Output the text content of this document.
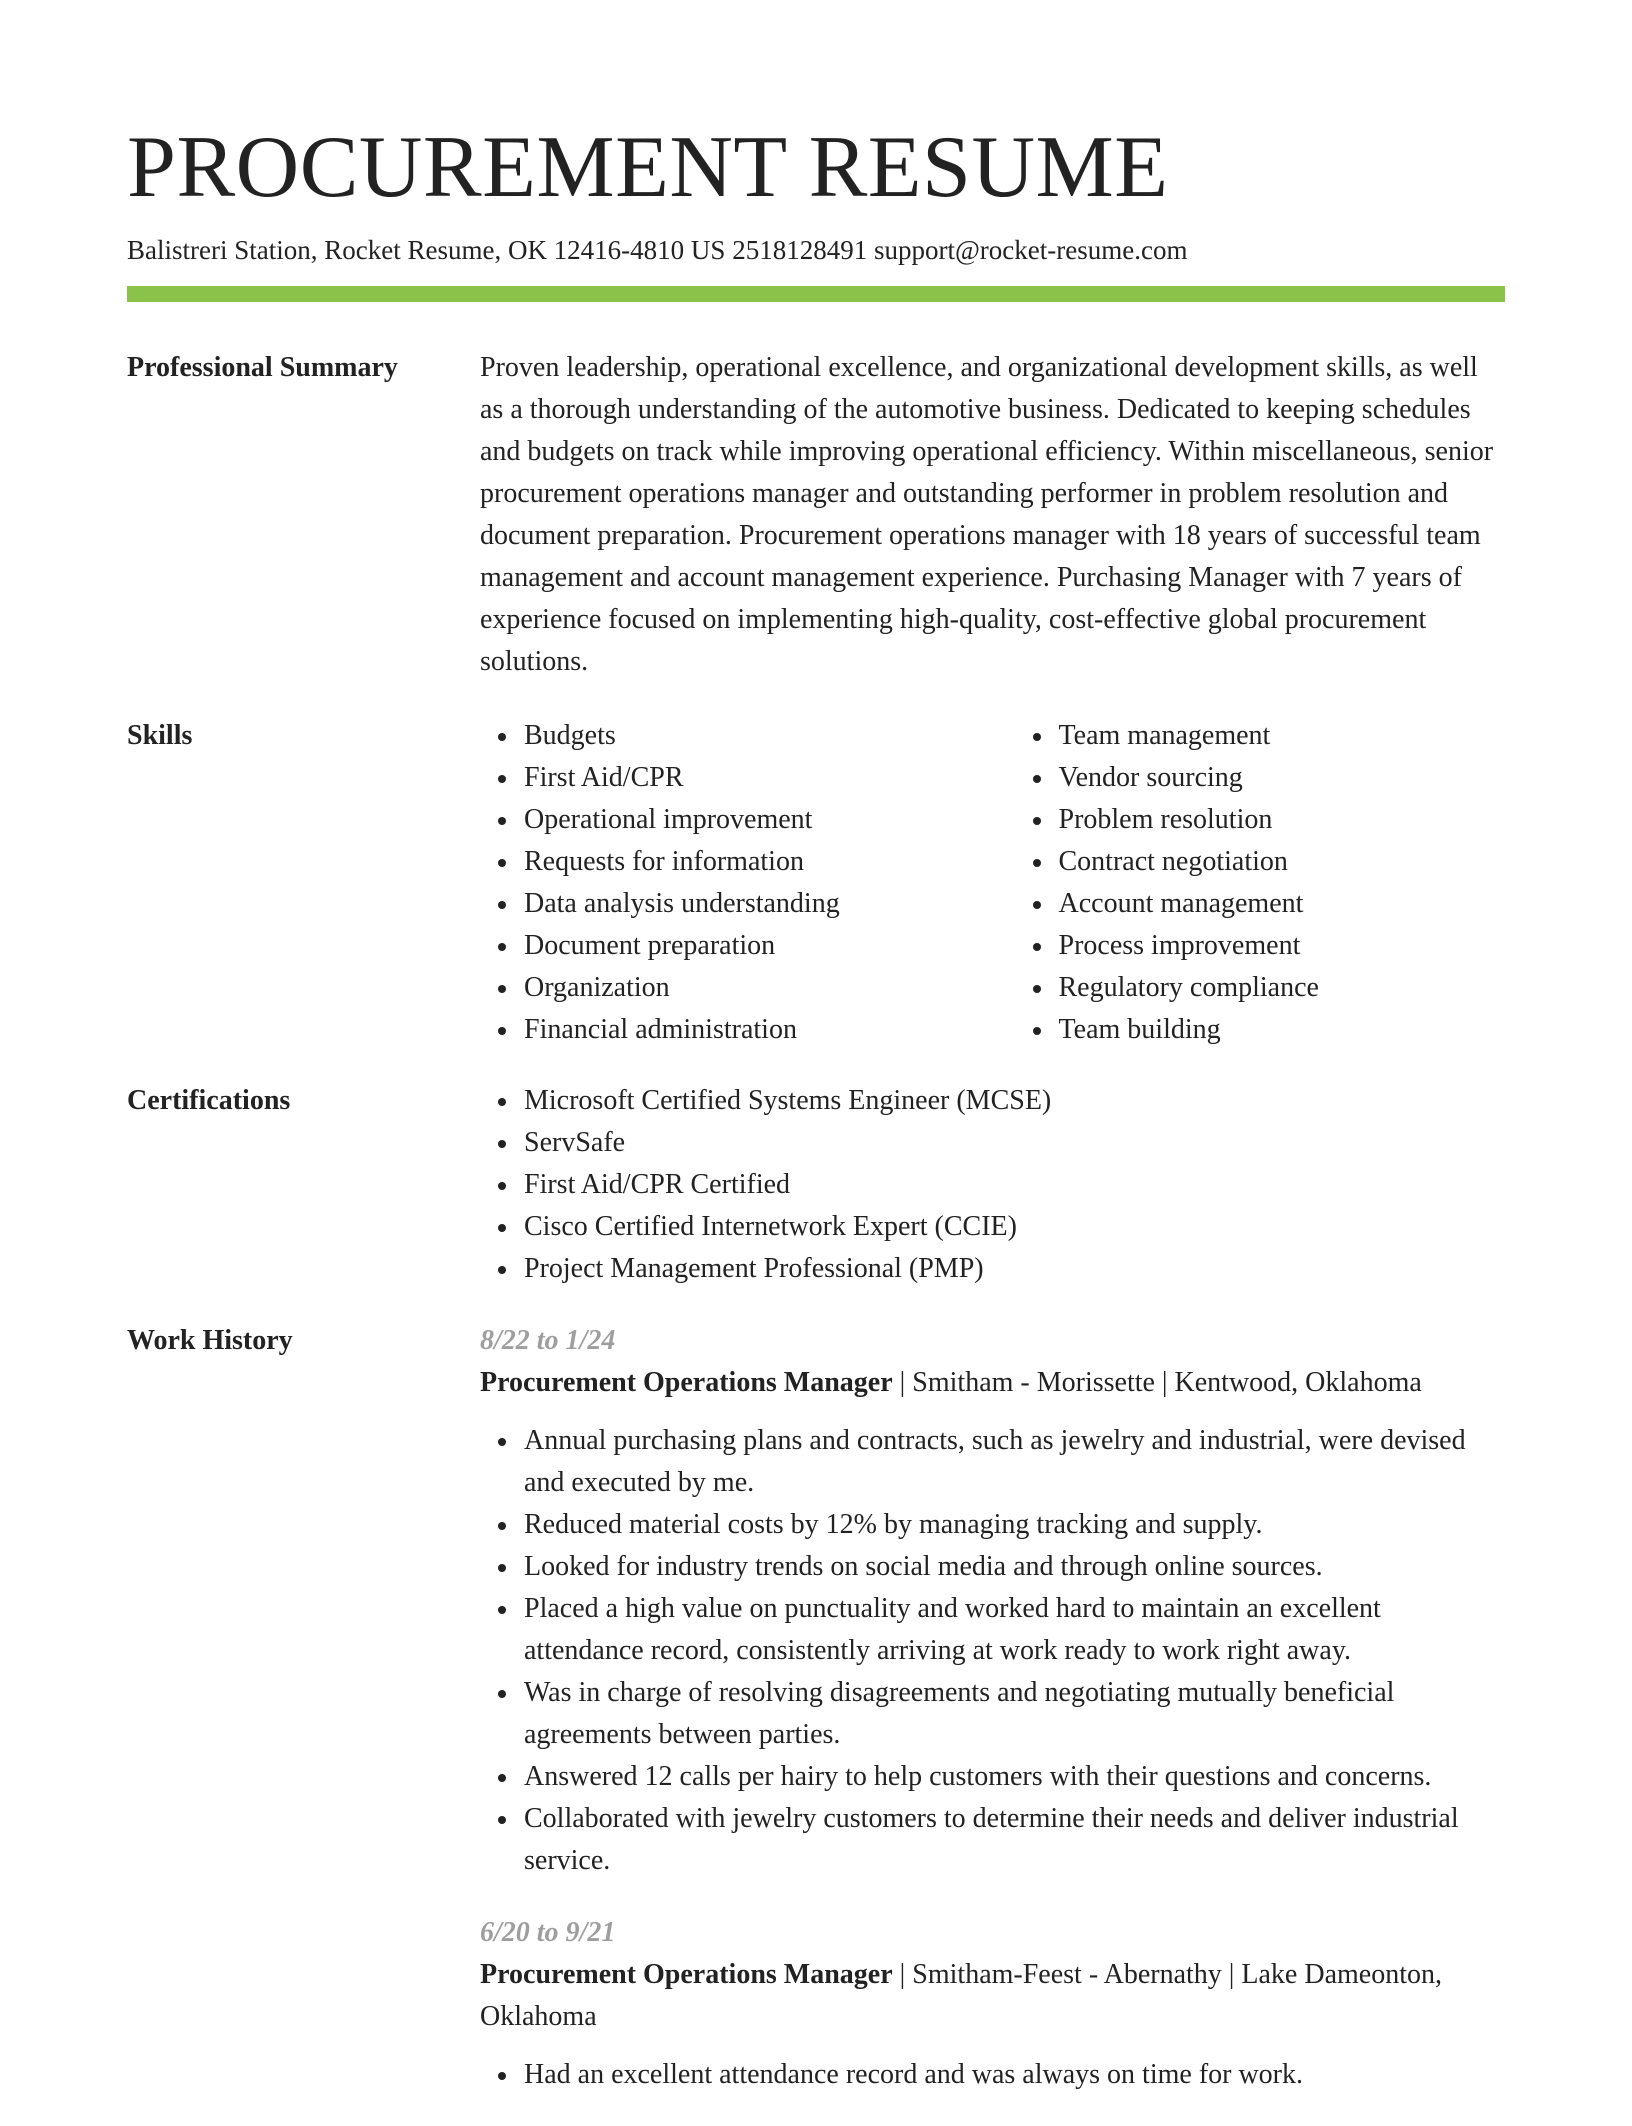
PROCUREMENT RESUME
Balistreri Station, Rocket Resume, OK 12416-4810 US 2518128491 support@rocket-resume.com
Professional Summary	Proven leadership, operational excellence, and organizational development skills, as well as a thorough understanding of the automotive business. Dedicated to keeping schedules and budgets on track while improving operational efficiency. Within miscellaneous, senior procurement operations manager and outstanding performer in problem resolution and document preparation. Procurement operations manager with 18 years of successful team management and account management experience. Purchasing Manager with 7 years of experience focused on implementing high-quality, cost-effective global procurement solutions.

Skills	Budgets
First Aid/CPR
Operational improvement
Requests for information
Data analysis understanding
Document preparation
Organization
Financial administration
Team management
Vendor sourcing
Problem resolution
Contract negotiation
Account management
Process improvement
Regulatory compliance
Team building
Certifications	Microsoft Certified Systems Engineer (MCSE)
ServSafe
First Aid/CPR Certified
Cisco Certified Internetwork Expert (CCIE)
Project Management Professional (PMP)
Work History	8/22 to 1/24
Procurement Operations Manager | Smitham - Morissette | Kentwood, Oklahoma
Annual purchasing plans and contracts, such as jewelry and industrial, were devised and executed by me.
Reduced material costs by 12% by managing tracking and supply.
Looked for industry trends on social media and through online sources.
Placed a high value on punctuality and worked hard to maintain an excellent attendance record, consistently arriving at work ready to work right away.
Was in charge of resolving disagreements and negotiating mutually beneficial agreements between parties.
Answered 12 calls per hairy to help customers with their questions and concerns.
Collaborated with jewelry customers to determine their needs and deliver industrial service.
6/20 to 9/21
Procurement Operations Manager | Smitham-Feest - Abernathy | Lake Dameonton, Oklahoma
Had an excellent attendance record and was always on time for work.
